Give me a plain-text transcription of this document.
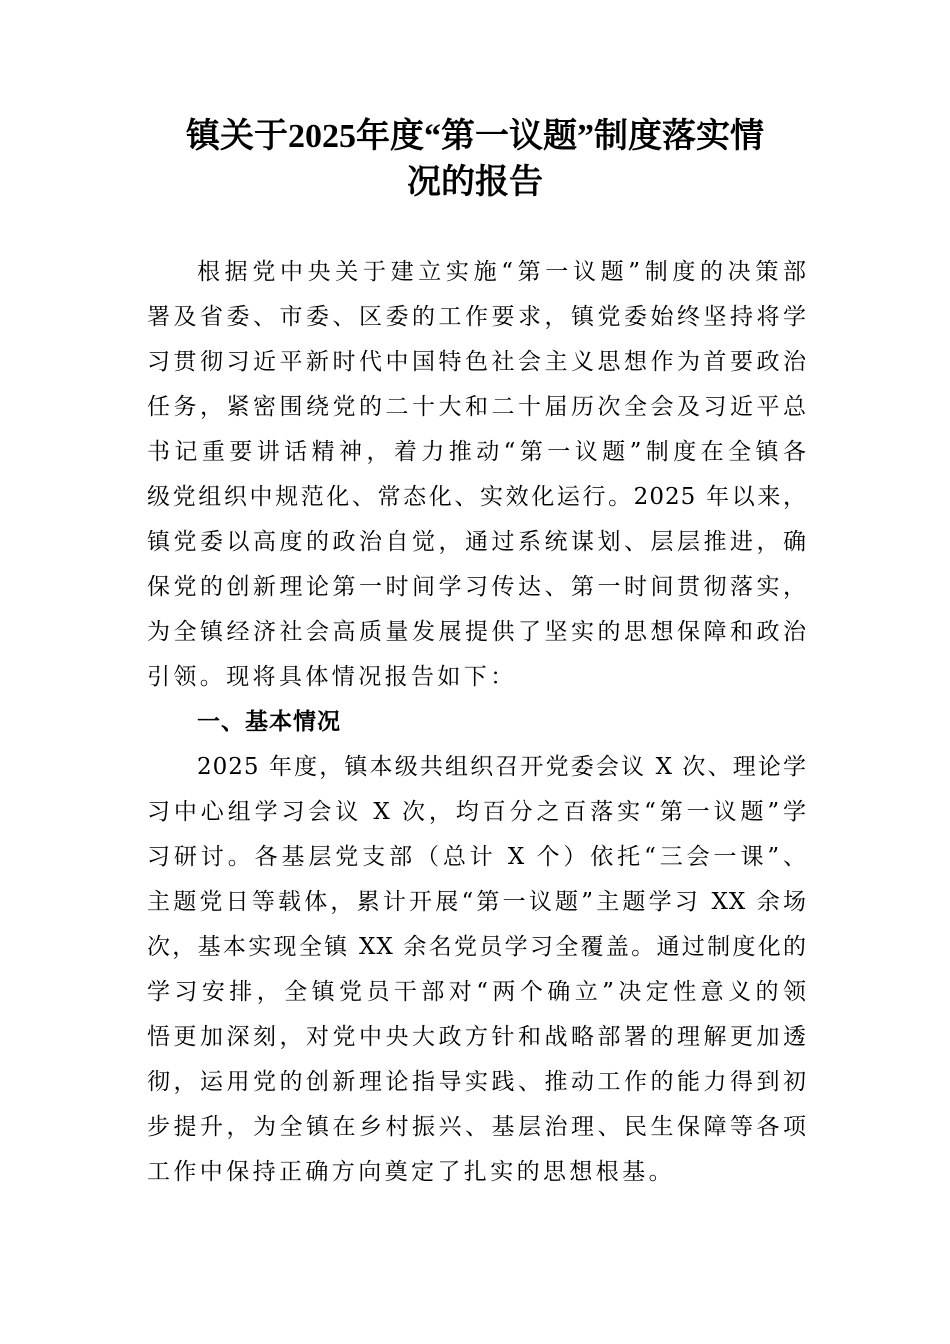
镇关于2025年度“第一议题”制度落实情
况的报告
根据党中央关于建立实施“第一议题”制度的决策部
署及省委、市委、区委的工作要求，镇党委始终坚持将学
习贯彻习近平新时代中国特色社会主义思想作为首要政治
任务，紧密围绕党的二十大和二十届历次全会及习近平总
书记重要讲话精神，着力推动“第一议题”制度在全镇各
级党组织中规范化、常态化、实效化运行。2025 年以来，
镇党委以高度的政治自觉，通过系统谋划、层层推进，确
保党的创新理论第一时间学习传达、第一时间贯彻落实，
为全镇经济社会高质量发展提供了坚实的思想保障和政治
引领。现将具体情况报告如下：
一、基本情况
2025 年度，镇本级共组织召开党委会议 X 次、理论学
习中心组学习会议 X 次，均百分之百落实“第一议题”学
习研讨。各基层党支部（总计 X 个）依托“三会一课”、
主题党日等载体，累计开展“第一议题”主题学习 XX 余场
次，基本实现全镇 XX 余名党员学习全覆盖。通过制度化的
学习安排，全镇党员干部对“两个确立”决定性意义的领
悟更加深刻，对党中央大政方针和战略部署的理解更加透
彻，运用党的创新理论指导实践、推动工作的能力得到初
步提升，为全镇在乡村振兴、基层治理、民生保障等各项
工作中保持正确方向奠定了扎实的思想根基。
